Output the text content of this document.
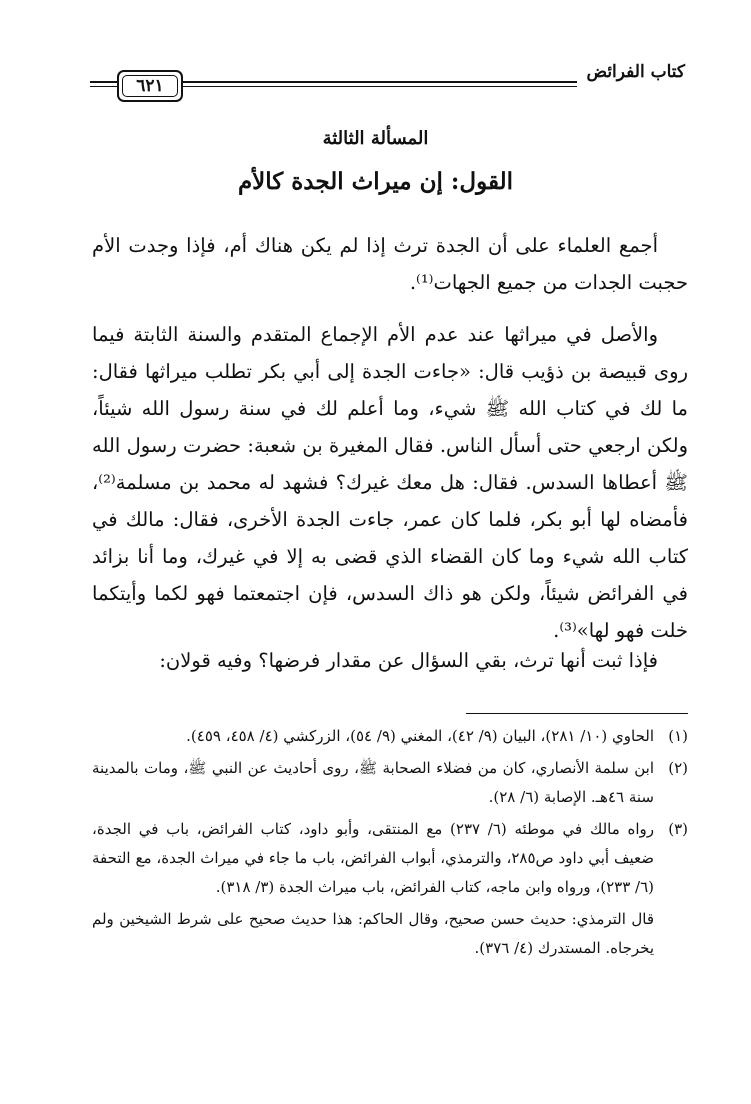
كتاب الفرائض
٦٢١
المسألة الثالثة
القول: إن ميراث الجدة كالأم

أجمع العلماء على أن الجدة ترث إذا لم يكن هناك أم، فإذا وجدت الأم حجبت الجدات من جميع الجهات⁽¹⁾.

والأصل في ميراثها عند عدم الأم الإجماع المتقدم والسنة الثابتة فيما روى قبيصة بن ذؤيب قال: «جاءت الجدة إلى أبي بكر تطلب ميراثها فقال: ما لك في كتاب الله ﷺ شيء، وما أعلم لك في سنة رسول الله شيئاً، ولكن ارجعي حتى أسأل الناس. فقال المغيرة بن شعبة: حضرت رسول الله ﷺ أعطاها السدس. فقال: هل معك غيرك؟ فشهد له محمد بن مسلمة⁽²⁾، فأمضاه لها أبو بكر، فلما كان عمر، جاءت الجدة الأخرى، فقال: مالك في كتاب الله شيء وما كان القضاء الذي قضى به إلا في غيرك، وما أنا بزائد في الفرائض شيئاً، ولكن هو ذاك السدس، فإن اجتمعتما فهو لكما وأيتكما خلت فهو لها»⁽³⁾.

فإذا ثبت أنها ترث، بقي السؤال عن مقدار فرضها؟ وفيه قولان:

(١)
الحاوي (١٠/ ٢٨١)، البيان (٩/ ٤٢)، المغني (٩/ ٥٤)، الزركشي (٤/ ٤٥٨، ٤٥٩).
(٢)
ابن سلمة الأنصاري، كان من فضلاء الصحابة ﷺ، روى أحاديث عن النبي ﷺ، ومات بالمدينة سنة ٤٦هـ. الإصابة (٦/ ٢٨).
(٣)
رواه مالك في موطئه (٦/ ٢٣٧) مع المنتقى، وأبو داود، كتاب الفرائض، باب في الجدة، ضعيف أبي داود ص٢٨٥، والترمذي، أبواب الفرائض، باب ما جاء في ميراث الجدة، مع التحفة (٦/ ٢٣٣)، ورواه وابن ماجه، كتاب الفرائض، باب ميراث الجدة (٣/ ٣١٨).
قال الترمذي: حديث حسن صحيح، وقال الحاكم: هذا حديث صحيح على شرط الشيخين ولم يخرجاه. المستدرك (٤/ ٣٧٦).
